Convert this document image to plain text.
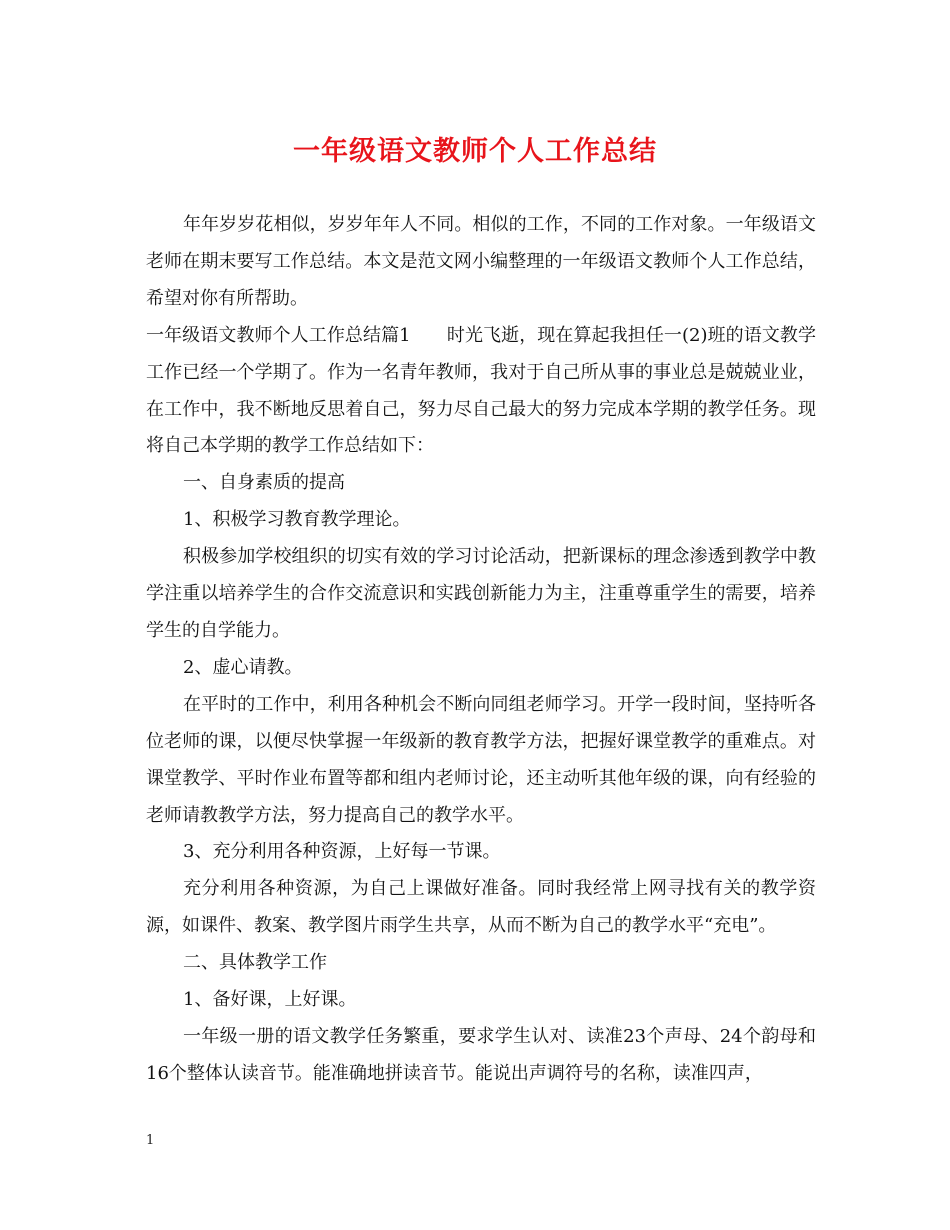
一年级语文教师个人工作总结

年年岁岁花相似，岁岁年年人不同。相似的工作，不同的工作对象。一年级语文老师在期末要写工作总结。本文是范文网小编整理的一年级语文教师个人工作总结，希望对你有所帮助。

一年级语文教师个人工作总结篇1　　时光飞逝，现在算起我担任一(2)班的语文教学工作已经一个学期了。作为一名青年教师，我对于自己所从事的事业总是兢兢业业，在工作中，我不断地反思着自己，努力尽自己最大的努力完成本学期的教学任务。现将自己本学期的教学工作总结如下：

一、自身素质的提高

1、积极学习教育教学理论。

积极参加学校组织的切实有效的学习讨论活动，把新课标的理念渗透到教学中教学注重以培养学生的合作交流意识和实践创新能力为主，注重尊重学生的需要，培养学生的自学能力。

2、虚心请教。

在平时的工作中，利用各种机会不断向同组老师学习。开学一段时间，坚持听各位老师的课，以便尽快掌握一年级新的教育教学方法，把握好课堂教学的重难点。对课堂教学、平时作业布置等都和组内老师讨论，还主动听其他年级的课，向有经验的老师请教教学方法，努力提高自己的教学水平。

3、充分利用各种资源，上好每一节课。

充分利用各种资源，为自己上课做好准备。同时我经常上网寻找有关的教学资源，如课件、教案、教学图片雨学生共享，从而不断为自己的教学水平“充电”。

二、具体教学工作

1、备好课，上好课。

一年级一册的语文教学任务繁重，要求学生认对、读准23个声母、24个韵母和16个整体认读音节。能准确地拼读音节。能说出声调符号的名称，读准四声，

1
